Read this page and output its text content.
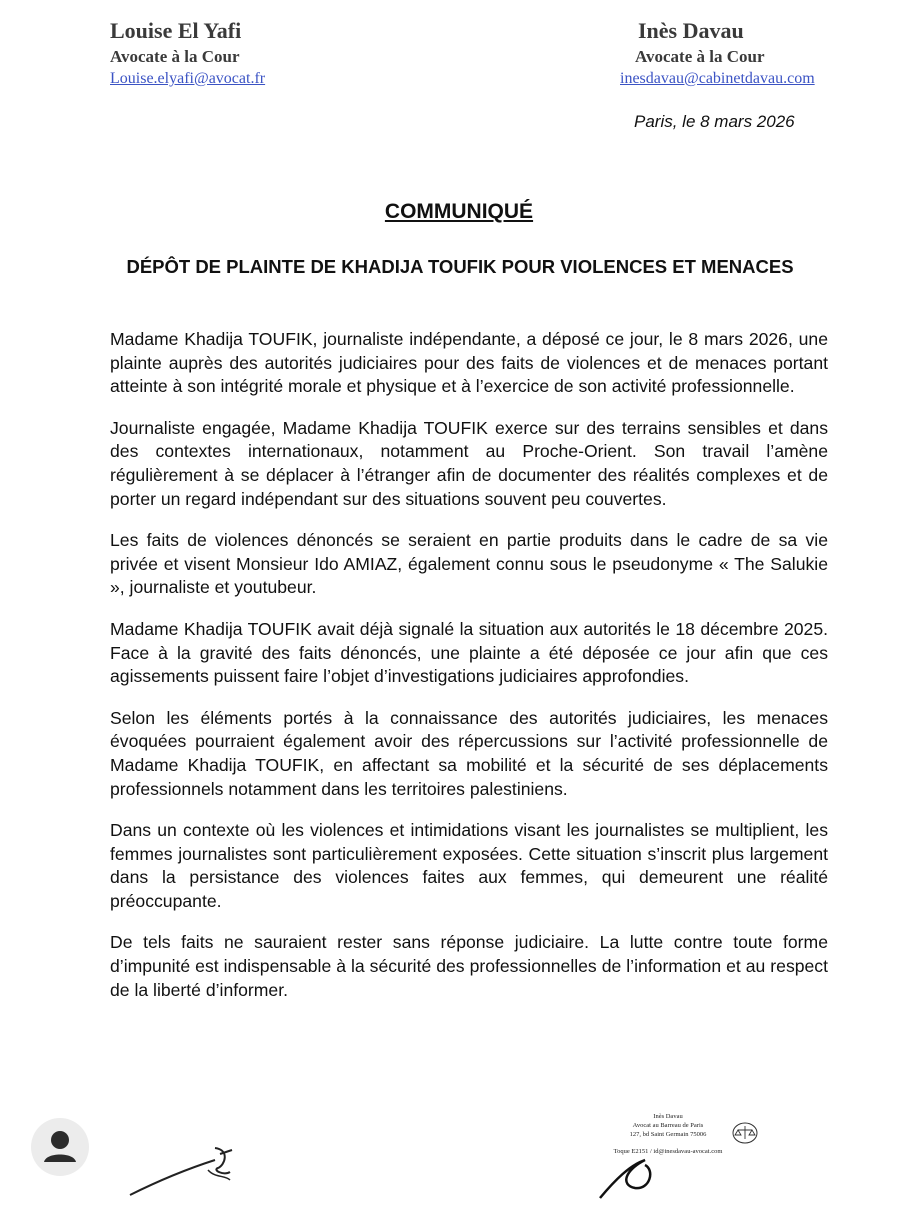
Louise El Yafi
Avocate à la Cour
Louise.elyafi@avocat.fr
Inès Davau
Avocate à la Cour
inesdavau@cabinetdavau.com
Paris, le 8 mars 2026
COMMUNIQUÉ
DÉPÔT DE PLAINTE DE KHADIJA TOUFIK POUR VIOLENCES ET MENACES

Madame Khadija TOUFIK, journaliste indépendante, a déposé ce jour, le 8 mars 2026, une plainte auprès des autorités judiciaires pour des faits de violences et de menaces portant atteinte à son intégrité morale et physique et à l’exercice de son activité professionnelle.

Journaliste engagée, Madame Khadija TOUFIK exerce sur des terrains sensibles et dans des contextes internationaux, notamment au Proche-Orient. Son travail l’amène régulièrement à se déplacer à l’étranger afin de documenter des réalités complexes et de porter un regard indépendant sur des situations souvent peu couvertes.

Les faits de violences dénoncés se seraient en partie produits dans le cadre de sa vie privée et visent Monsieur Ido AMIAZ, également connu sous le pseudonyme « The Salukie », journaliste et youtubeur.

Madame Khadija TOUFIK avait déjà signalé la situation aux autorités le 18 décembre 2025. Face à la gravité des faits dénoncés, une plainte a été déposée ce jour afin que ces agissements puissent faire l’objet d’investigations judiciaires approfondies.

Selon les éléments portés à la connaissance des autorités judiciaires, les menaces évoquées pourraient également avoir des répercussions sur l’activité professionnelle de Madame Khadija TOUFIK, en affectant sa mobilité et la sécurité de ses déplacements professionnels notamment dans les territoires palestiniens.

Dans un contexte où les violences et intimidations visant les journalistes se multiplient, les femmes journalistes sont particulièrement exposées. Cette situation s’inscrit plus largement dans la persistance des violences faites aux femmes, qui demeurent une réalité préoccupante.

De tels faits ne sauraient rester sans réponse judiciaire. La lutte contre toute forme d’impunité est indispensable à la sécurité des professionnelles de l’information et au respect de la liberté d’informer.

Inès Davau
Avocat au Barreau de Paris
127, bd Saint Germain 75006
Toque E2151 / id@inesdavau-avocat.com
